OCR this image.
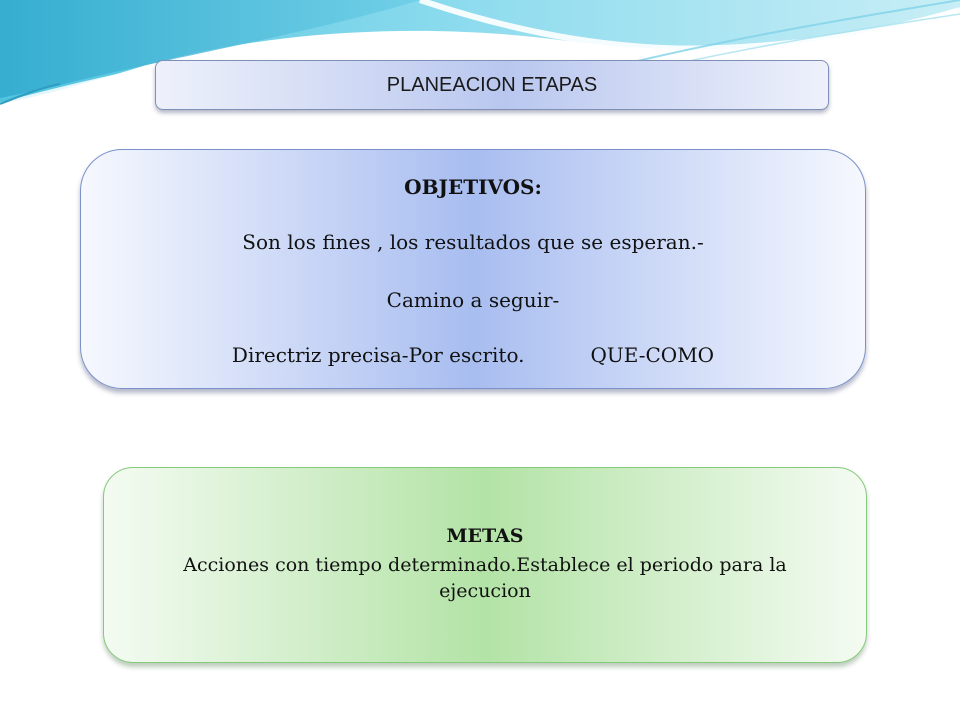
PLANEACION ETAPAS
OBJETIVOS:
Son los fines , los resultados que se esperan.-
Camino a seguir-
Directriz precisa-Por escrito.	QUE-COMO
METAS
Acciones con tiempo determinado.Establece el periodo para la ejecucion
